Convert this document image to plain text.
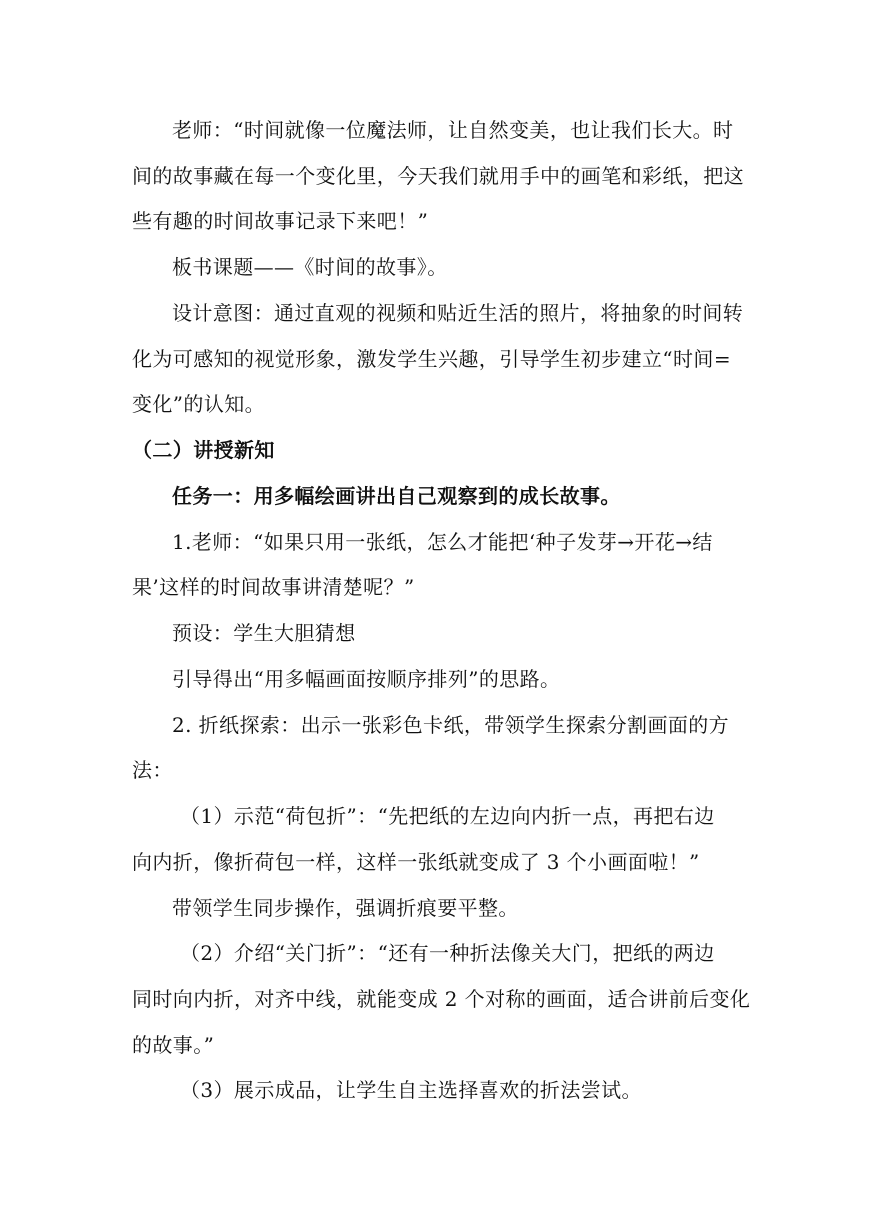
老师：“时间就像一位魔法师，让自然变美，也让我们长大。时
间的故事藏在每一个变化里，今天我们就用手中的画笔和彩纸，把这
些有趣的时间故事记录下来吧！”
板书课题——《时间的故事》。
设计意图：通过直观的视频和贴近生活的照片，将抽象的时间转
化为可感知的视觉形象，激发学生兴趣，引导学生初步建立“时间=
变化”的认知。
（二）讲授新知
任务一：用多幅绘画讲出自己观察到的成长故事。
1.老师：“如果只用一张纸，怎么才能把‘种子发芽→开花→结
果’这样的时间故事讲清楚呢？”
预设：学生大胆猜想
引导得出“用多幅画面按顺序排列”的思路。
2. 折纸探索：出示一张彩色卡纸，带领学生探索分割画面的方
法：
（1）示范“荷包折”：“先把纸的左边向内折一点，再把右边
向内折，像折荷包一样，这样一张纸就变成了 3 个小画面啦！”
带领学生同步操作，强调折痕要平整。
（2）介绍“关门折”：“还有一种折法像关大门，把纸的两边
同时向内折，对齐中线，就能变成 2 个对称的画面，适合讲前后变化
的故事。”
（3）展示成品，让学生自主选择喜欢的折法尝试。
